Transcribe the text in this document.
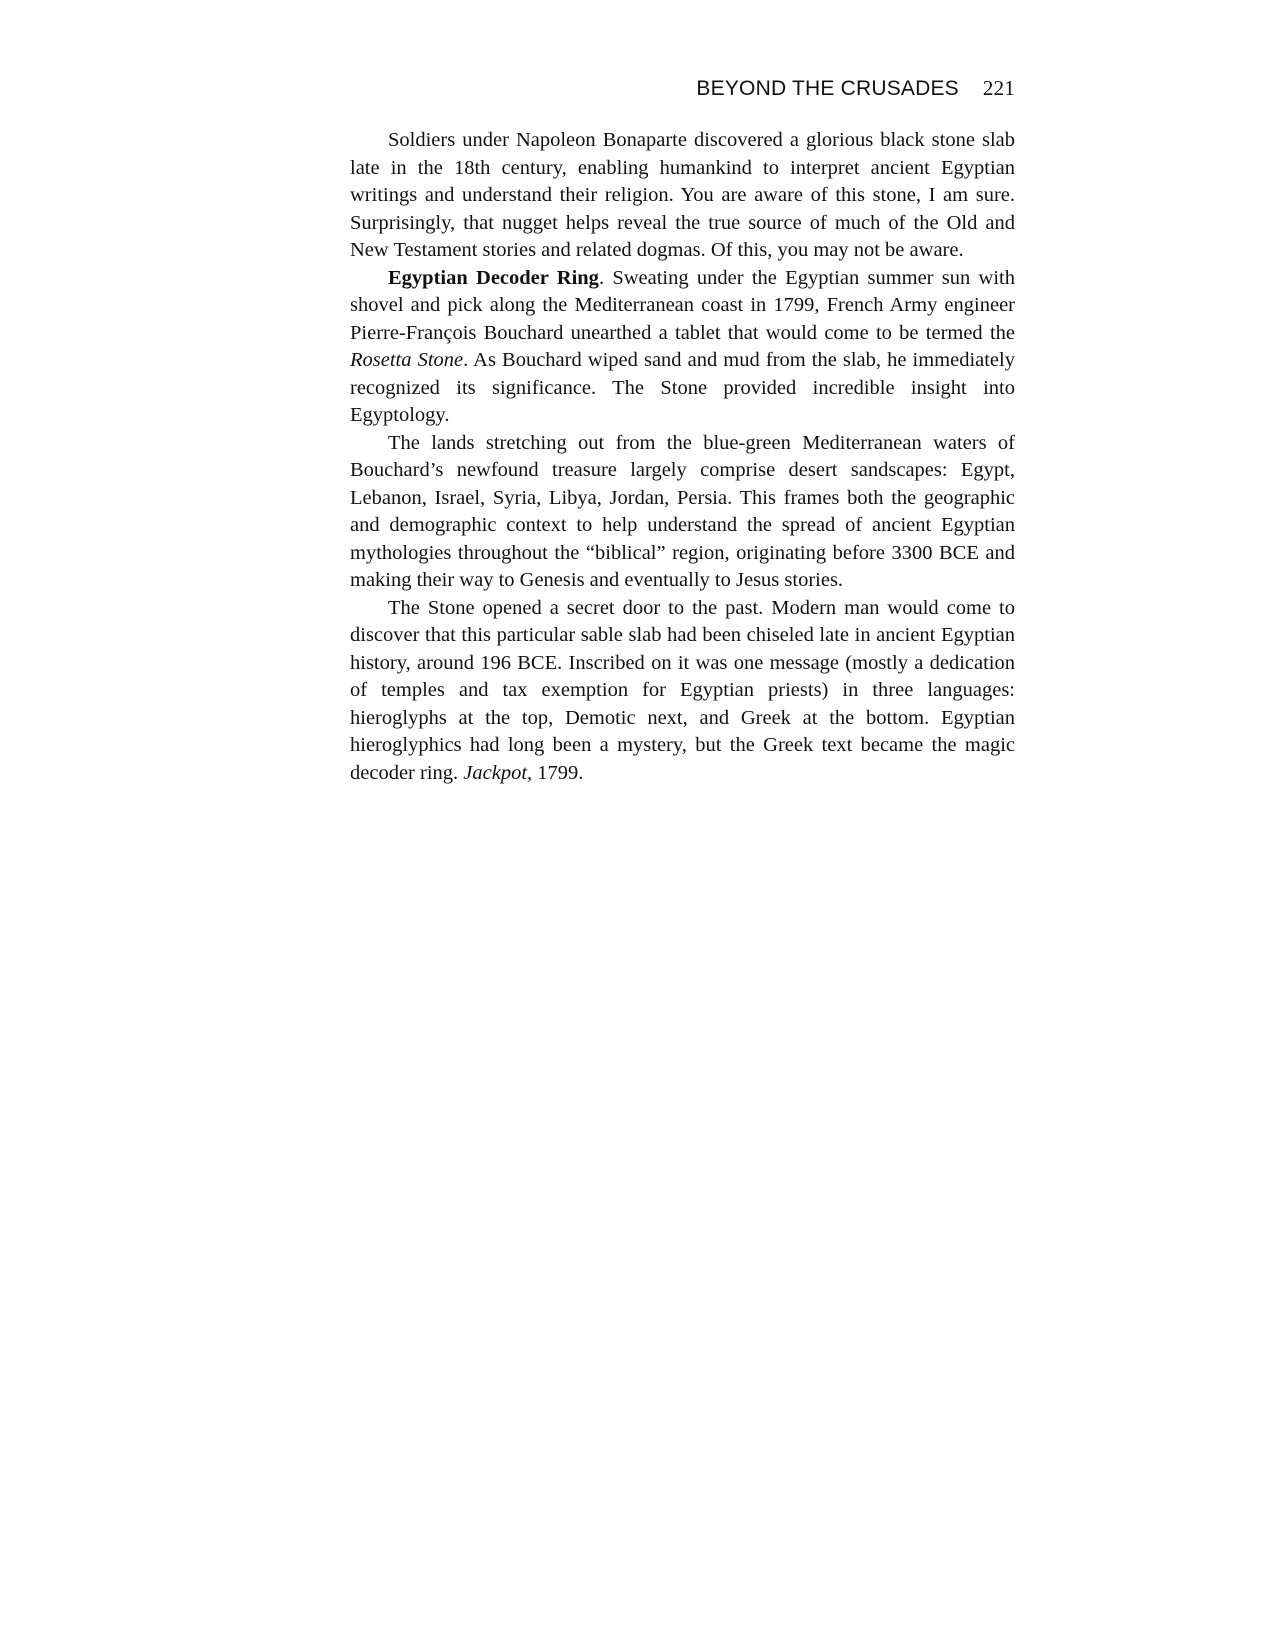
BEYOND THE CRUSADES 221

Soldiers under Napoleon Bonaparte discovered a glorious black stone slab late in the 18th century, enabling humankind to interpret ancient Egyptian writings and understand their religion. You are aware of this stone, I am sure. Surprisingly, that nugget helps reveal the true source of much of the Old and New Testament stories and related dogmas. Of this, you may not be aware.

Egyptian Decoder Ring. Sweating under the Egyptian summer sun with shovel and pick along the Mediterranean coast in 1799, French Army engineer Pierre-François Bouchard unearthed a tablet that would come to be termed the Rosetta Stone. As Bouchard wiped sand and mud from the slab, he immediately recognized its significance. The Stone provided incredible insight into Egyptology.

The lands stretching out from the blue-green Mediterranean waters of Bouchard’s newfound treasure largely comprise desert sandscapes: Egypt, Lebanon, Israel, Syria, Libya, Jordan, Persia. This frames both the geographic and demographic context to help understand the spread of ancient Egyptian mythologies throughout the “biblical” region, originating before 3300 BCE and making their way to Genesis and eventually to Jesus stories.

The Stone opened a secret door to the past. Modern man would come to discover that this particular sable slab had been chiseled late in ancient Egyptian history, around 196 BCE. Inscribed on it was one message (mostly a dedication of temples and tax exemption for Egyptian priests) in three languages: hieroglyphs at the top, Demotic next, and Greek at the bottom. Egyptian hieroglyphics had long been a mystery, but the Greek text became the magic decoder ring. Jackpot, 1799.
